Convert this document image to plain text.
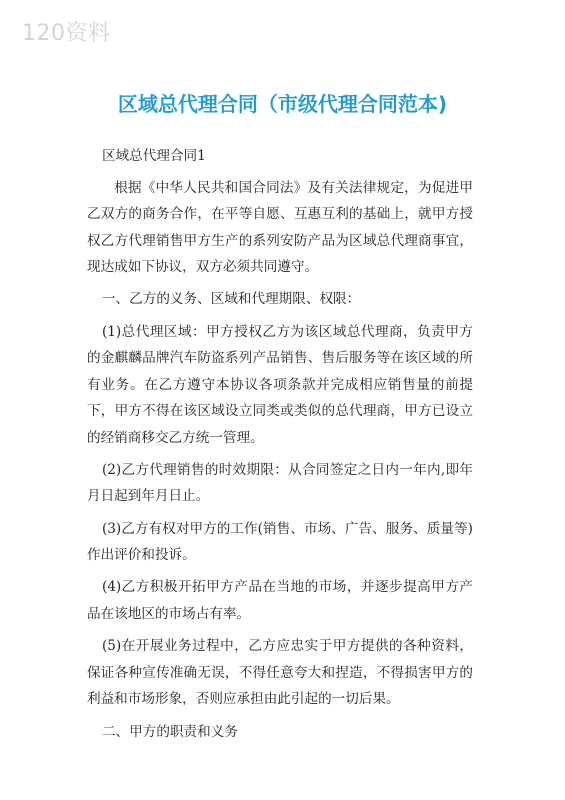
120资料
区域总代理合同（市级代理合同范本)

区域总代理合同1

根据《中华人民共和国合同法》及有关法律规定，为促进甲乙双方的商务合作，在平等自愿、互惠互利的基础上，就甲方授权乙方代理销售甲方生产的系列安防产品为区域总代理商事宜，现达成如下协议，双方必须共同遵守。

一、乙方的义务、区域和代理期限、权限：

(1)总代理区域：甲方授权乙方为该区域总代理商，负责甲方的金麒麟品牌汽车防盗系列产品销售、售后服务等在该区域的所有业务。在乙方遵守本协议各项条款并完成相应销售量的前提下，甲方不得在该区域设立同类或类似的总代理商，甲方已设立的经销商移交乙方统一管理。

(2)乙方代理销售的时效期限：从合同签定之日内一年内,即年月日起到年月日止。

(3)乙方有权对甲方的工作(销售、市场、广告、服务、质量等)作出评价和投诉。

(4)乙方积极开拓甲方产品在当地的市场，并逐步提高甲方产品在该地区的市场占有率。

(5)在开展业务过程中，乙方应忠实于甲方提供的各种资料，保证各种宣传准确无误，不得任意夸大和捏造，不得损害甲方的利益和市场形象，否则应承担由此引起的一切后果。

二、甲方的职责和义务
